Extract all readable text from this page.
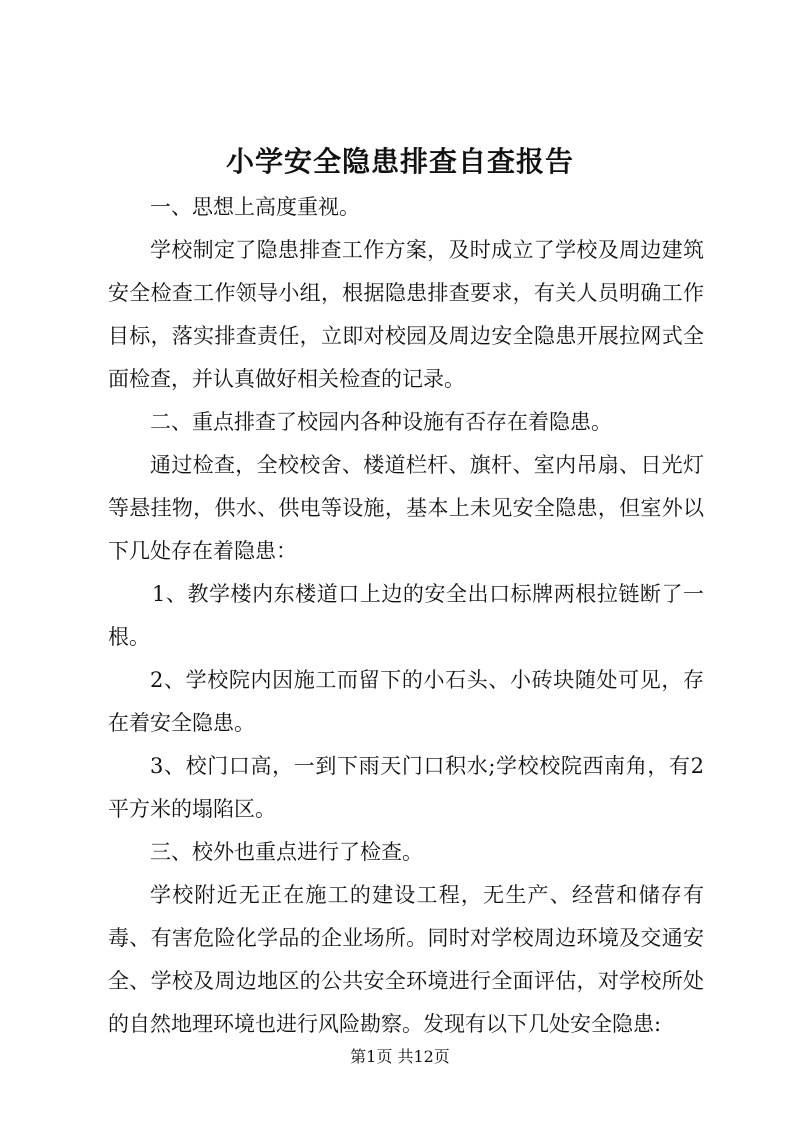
小学安全隐患排查自查报告

一、思想上高度重视。

学校制定了隐患排查工作方案，及时成立了学校及周边建筑安全检查工作领导小组，根据隐患排查要求，有关人员明确工作目标，落实排查责任，立即对校园及周边安全隐患开展拉网式全面检查，并认真做好相关检查的记录。

二、重点排查了校园内各种设施有否存在着隐患。

通过检查，全校校舍、楼道栏杆、旗杆、室内吊扇、日光灯等悬挂物，供水、供电等设施，基本上未见安全隐患，但室外以下几处存在着隐患：

1、教学楼内东楼道口上边的安全出口标牌两根拉链断了一根。

2、学校院内因施工而留下的小石头、小砖块随处可见，存在着安全隐患。

3、校门口高，一到下雨天门口积水;学校校院西南角，有2平方米的塌陷区。

三、校外也重点进行了检查。

学校附近无正在施工的建设工程，无生产、经营和储存有毒、有害危险化学品的企业场所。同时对学校周边环境及交通安全、学校及周边地区的公共安全环境进行全面评估，对学校所处的自然地理环境也进行风险勘察。发现有以下几处安全隐患:

第1页 共12页
